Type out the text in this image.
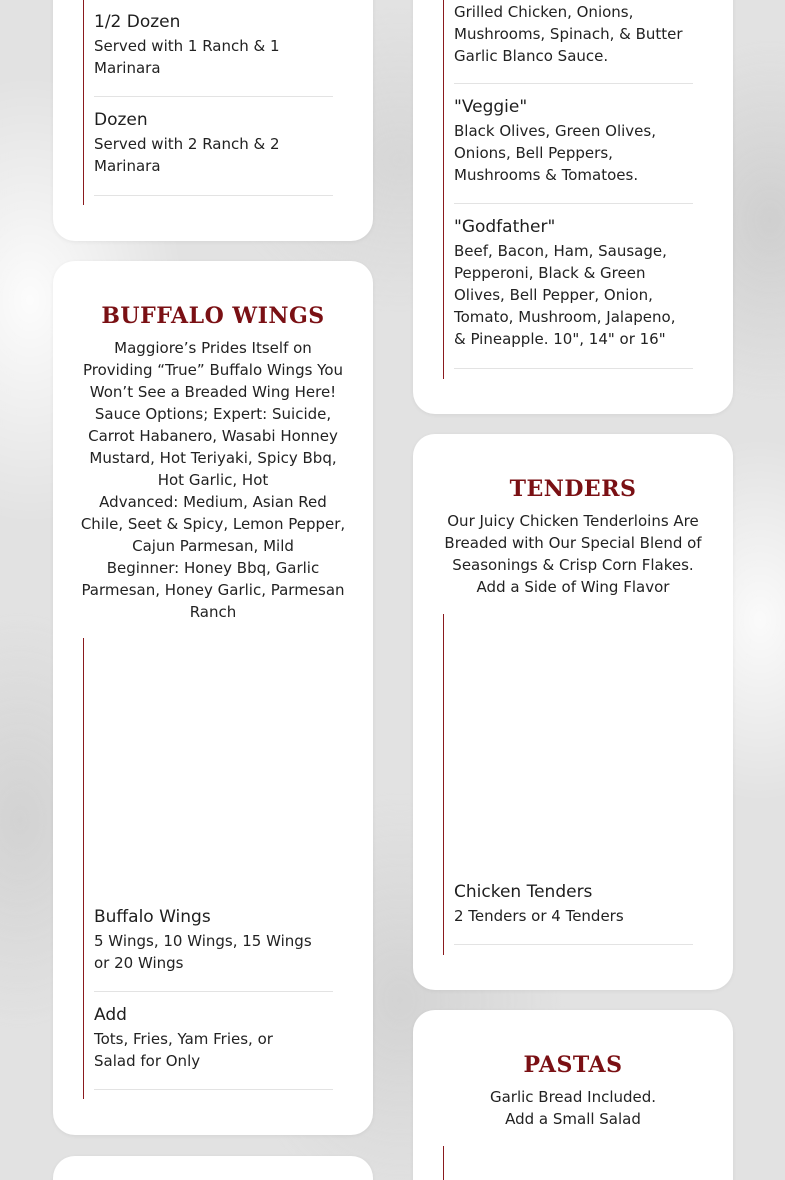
1/2 Dozen
Served with 1 Ranch & 1
Marinara
Dozen
Served with 2 Ranch & 2
Marinara
BUFFALO WINGS
Maggiore’s Prides Itself on
Providing “True” Buffalo Wings You
Won’t See a Breaded Wing Here!
Sauce Options; Expert: Suicide,
Carrot Habanero, Wasabi Honney
Mustard, Hot Teriyaki, Spicy Bbq,
Hot Garlic, Hot
Advanced: Medium, Asian Red
Chile, Seet & Spicy, Lemon Pepper,
Cajun Parmesan, Mild
Beginner: Honey Bbq, Garlic
Parmesan, Honey Garlic, Parmesan
Ranch
Buffalo Wings
5 Wings, 10 Wings, 15 Wings
or 20 Wings
Add
Tots, Fries, Yam Fries, or
Salad for Only
Grilled Chicken, Onions,
Mushrooms, Spinach, & Butter
Garlic Blanco Sauce.
"Veggie"
Black Olives, Green Olives,
Onions, Bell Peppers,
Mushrooms & Tomatoes.
"Godfather"
Beef, Bacon, Ham, Sausage,
Pepperoni, Black & Green
Olives, Bell Pepper, Onion,
Tomato, Mushroom, Jalapeno,
& Pineapple. 10", 14" or 16"
TENDERS
Our Juicy Chicken Tenderloins Are
Breaded with Our Special Blend of
Seasonings & Crisp Corn Flakes.
Add a Side of Wing Flavor
Chicken Tenders
2 Tenders or 4 Tenders
PASTAS
Garlic Bread Included.
Add a Small Salad
